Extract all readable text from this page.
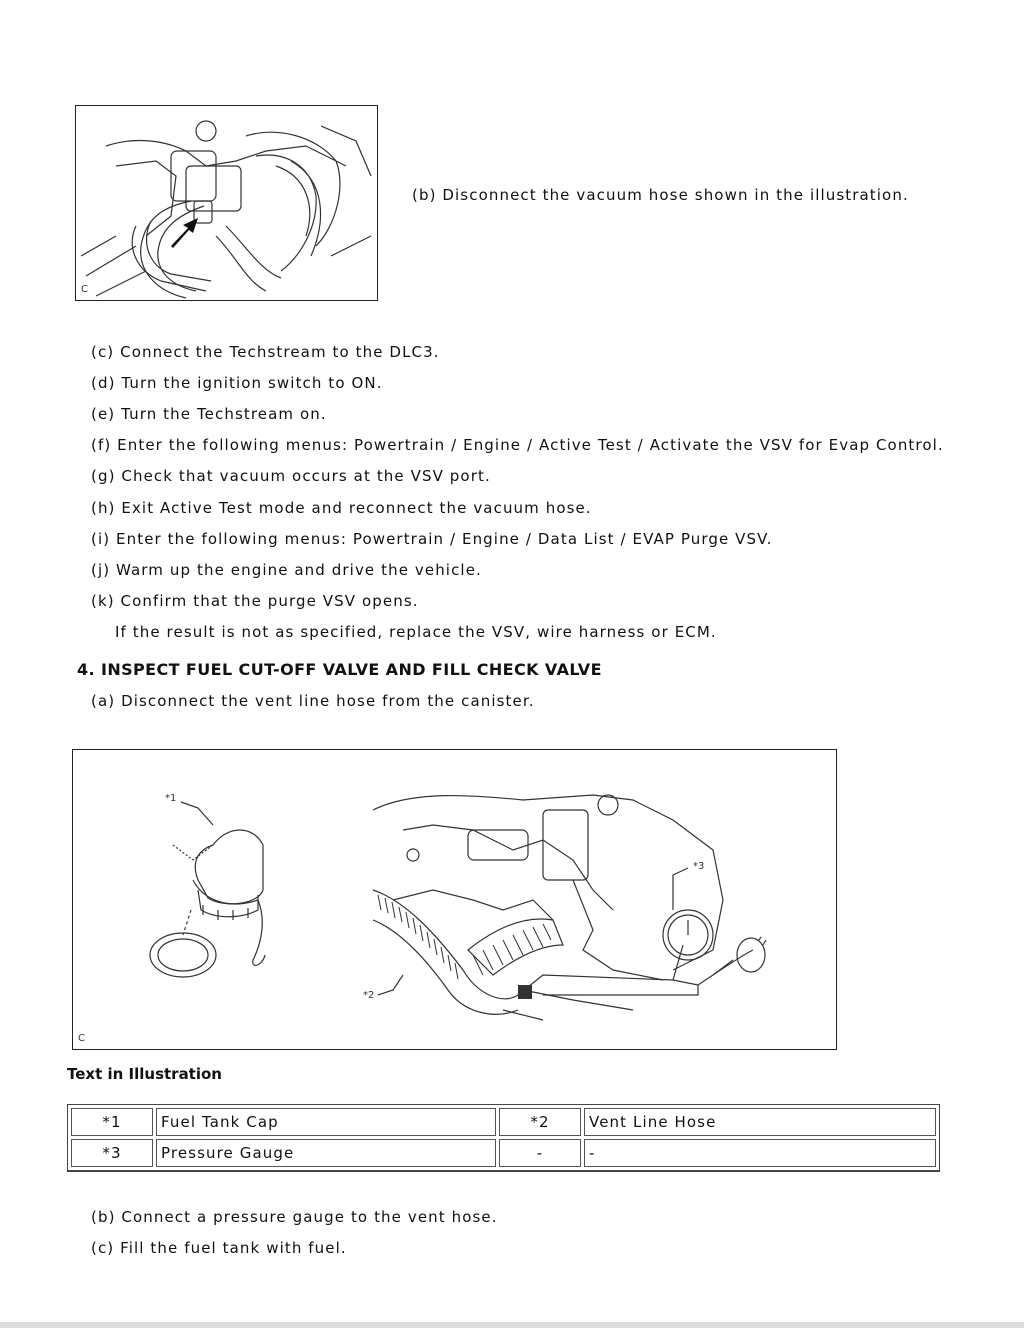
C
(b) Disconnect the vacuum hose shown in the illustration.
(c) Connect the Techstream to the DLC3.
(d) Turn the ignition switch to ON.
(e) Turn the Techstream on.
(f) Enter the following menus: Powertrain / Engine / Active Test / Activate the VSV for Evap Control.
(g) Check that vacuum occurs at the VSV port.
(h) Exit Active Test mode and reconnect the vacuum hose.
(i) Enter the following menus: Powertrain / Engine / Data List / EVAP Purge VSV.
(j) Warm up the engine and drive the vehicle.
(k) Confirm that the purge VSV opens.
If the result is not as specified, replace the VSV, wire harness or ECM.
4. INSPECT FUEL CUT-OFF VALVE AND FILL CHECK VALVE
(a) Disconnect the vent line hose from the canister.
*1
*2
*3
C
Text in Illustration
*1	Fuel Tank Cap	*2	Vent Line Hose
*3	Pressure Gauge	-	-
(b) Connect a pressure gauge to the vent hose.
(c) Fill the fuel tank with fuel.
